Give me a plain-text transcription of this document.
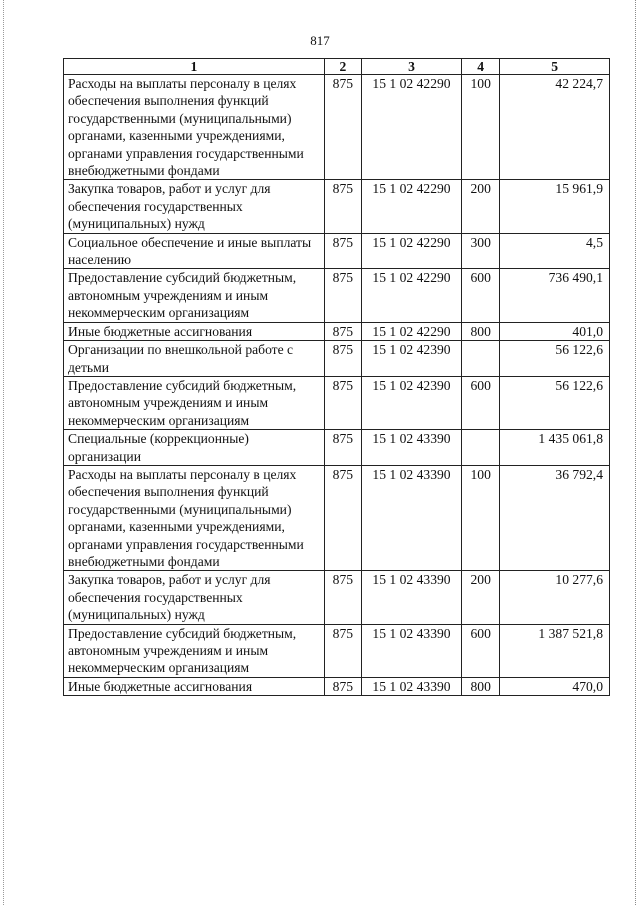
817
1	2	3	4	5
Расходы на выплаты персоналу в целях обеспечения выполнения функций государственными (муниципальными) органами, казенными учреждениями, органами управления государственными внебюджетными фондами	875	15 1 02 42290	100	42 224,7
Закупка товаров, работ и услуг для обеспечения государственных (муниципальных) нужд	875	15 1 02 42290	200	15 961,9
Социальное обеспечение и иные выплаты населению	875	15 1 02 42290	300	4,5
Предоставление субсидий бюджетным, автономным учреждениям и иным некоммерческим организациям	875	15 1 02 42290	600	736 490,1
Иные бюджетные ассигнования	875	15 1 02 42290	800	401,0
Организации по внешкольной работе с детьми	875	15 1 02 42390		56 122,6
Предоставление субсидий бюджетным, автономным учреждениям и иным некоммерческим организациям	875	15 1 02 42390	600	56 122,6
Специальные (коррекционные) организации	875	15 1 02 43390		1 435 061,8
Расходы на выплаты персоналу в целях обеспечения выполнения функций государственными (муниципальными) органами, казенными учреждениями, органами управления государственными внебюджетными фондами	875	15 1 02 43390	100	36 792,4
Закупка товаров, работ и услуг для обеспечения государственных (муниципальных) нужд	875	15 1 02 43390	200	10 277,6
Предоставление субсидий бюджетным, автономным учреждениям и иным некоммерческим организациям	875	15 1 02 43390	600	1 387 521,8
Иные бюджетные ассигнования	875	15 1 02 43390	800	470,0
